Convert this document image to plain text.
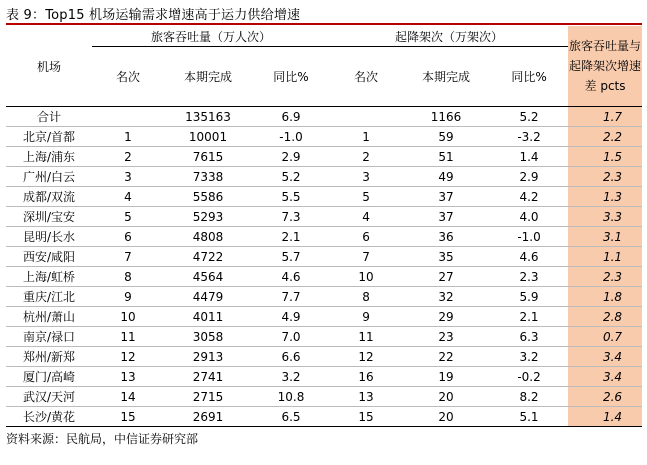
表 9：Top15 机场运输需求增速高于运力供给增速
机场	旅客吞吐量（万人次）			起降架次（万架次）			旅客吞吐量与起降架次增速差 pcts
	名次	本期完成	同比%	名次	本期完成	同比%	
合计		135163	6.9		1166	5.2	1.7
北京/首都	1	10001	-1.0	1	59	-3.2	2.2
上海/浦东	2	7615	2.9	2	51	1.4	1.5
广州/白云	3	7338	5.2	3	49	2.9	2.3
成都/双流	4	5586	5.5	5	37	4.2	1.3
深圳/宝安	5	5293	7.3	4	37	4.0	3.3
昆明/长水	6	4808	2.1	6	36	-1.0	3.1
西安/咸阳	7	4722	5.7	7	35	4.6	1.1
上海/虹桥	8	4564	4.6	10	27	2.3	2.3
重庆/江北	9	4479	7.7	8	32	5.9	1.8
杭州/萧山	10	4011	4.9	9	29	2.1	2.8
南京/禄口	11	3058	7.0	11	23	6.3	0.7
郑州/新郑	12	2913	6.6	12	22	3.2	3.4
厦门/高崎	13	2741	3.2	16	19	-0.2	3.4
武汉/天河	14	2715	10.8	13	20	8.2	2.6
长沙/黄花	15	2691	6.5	15	20	5.1	1.4
资料来源：民航局，中信证券研究部
